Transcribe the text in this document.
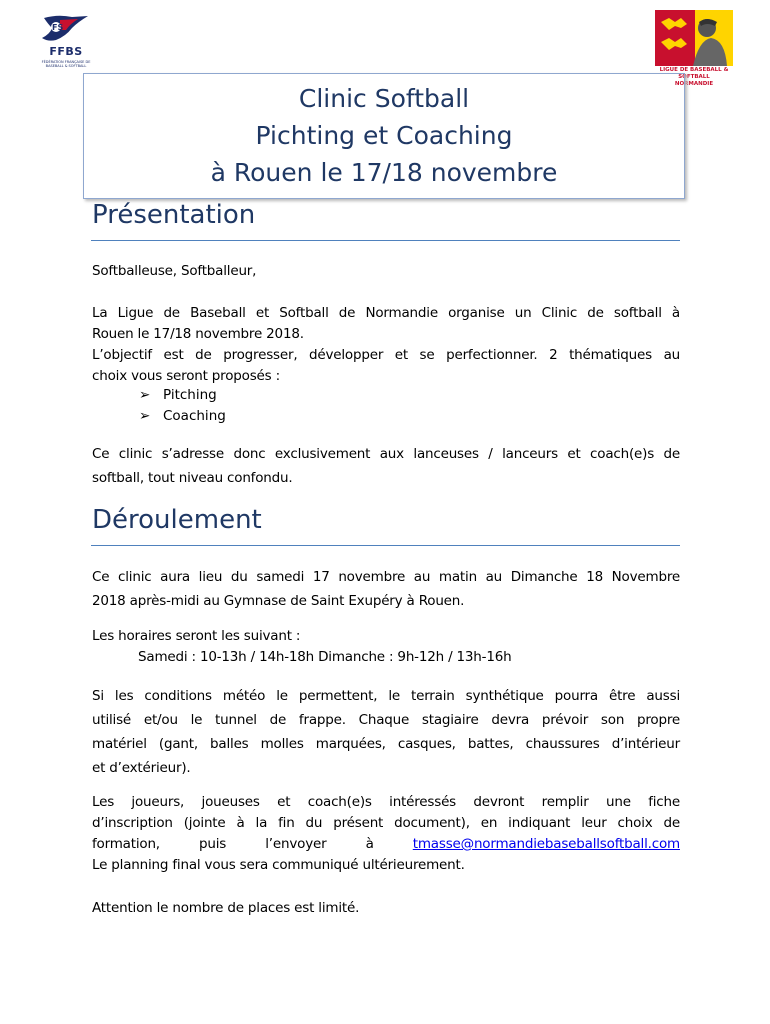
FS
FFBS
FÉDÉRATION FRANÇAISE DE BASEBALL & SOFTBALL
LIGUE DE BASEBALL & SOFTBALL
NORMANDIE
Clinic Softball
Pichting et Coaching
à Rouen le 17/18 novembre
Présentation
Softballeuse, Softballeur,
La Ligue de Baseball et Softball de Normandie organise un Clinic de softball à
Rouen le 17/18 novembre 2018.
L’objectif est de progresser, développer et se perfectionner. 2 thématiques au
choix vous seront proposés :
➢ Pitching
➢ Coaching
Ce clinic s’adresse donc exclusivement aux lanceuses / lanceurs et coach(e)s de
softball, tout niveau confondu.
Déroulement
Ce clinic aura lieu du samedi 17 novembre au matin au Dimanche 18 Novembre
2018 après-midi au Gymnase de Saint Exupéry à Rouen.
Les horaires seront les suivant :
Samedi : 10-13h / 14h-18h Dimanche : 9h-12h / 13h-16h
Si les conditions météo le permettent, le terrain synthétique pourra être aussi
utilisé et/ou le tunnel de frappe. Chaque stagiaire devra prévoir son propre
matériel (gant, balles molles marquées, casques, battes, chaussures d’intérieur
et d’extérieur).
Les joueurs, joueuses et coach(e)s intéressés devront remplir une fiche
d’inscription (jointe à la fin du présent document), en indiquant leur choix de
formation,	puis	l’envoyer	à	tmasse@normandiebaseballsoftball.com
Le planning final vous sera communiqué ultérieurement.
Attention le nombre de places est limité.
